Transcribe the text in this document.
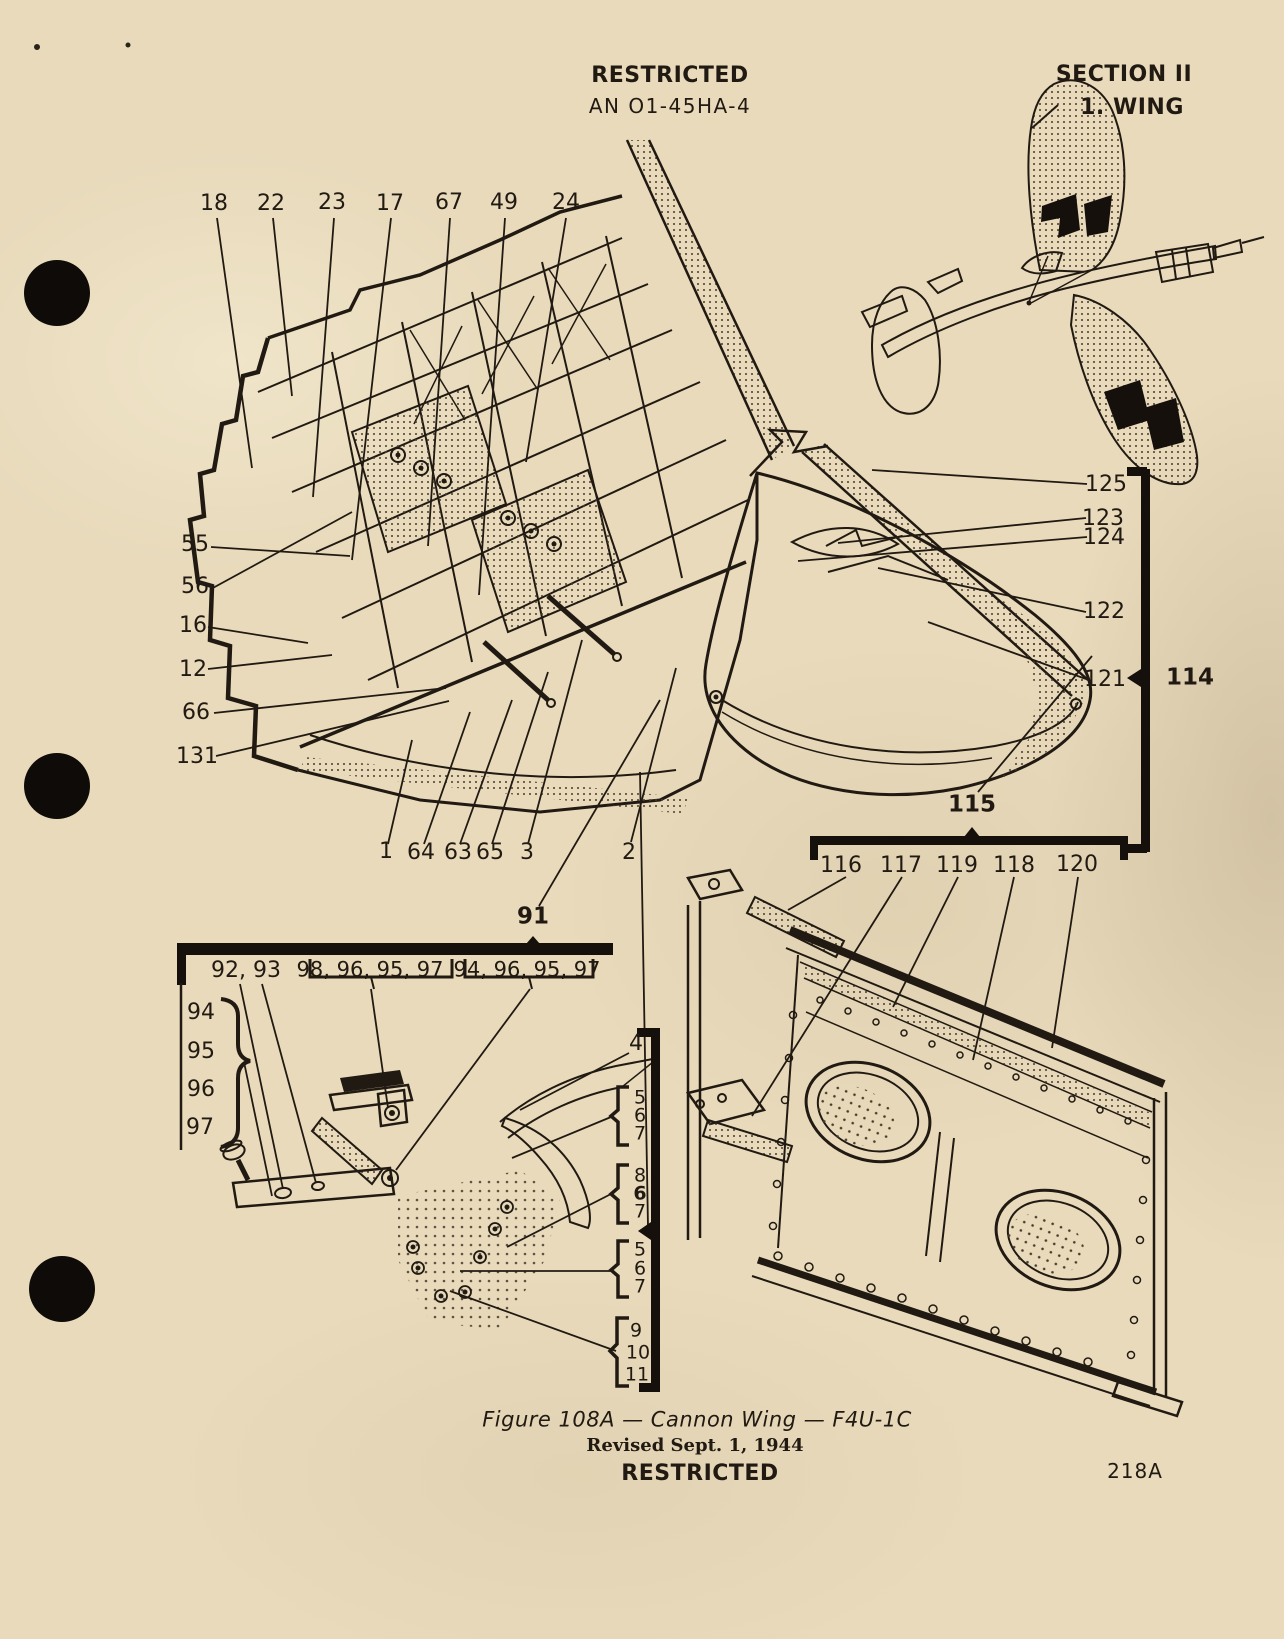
RESTRICTED
AN O1-45HA-4
SECTION II
1. WING
18 22 23 17 67 49 24
55
56
16
12
66
131
1 64 63 65 3	2
125
123
124
122
121 114
115
116 117 119 118 120
91
92, 93 98, 96, 95, 97 94, 96, 95, 97
94
95
96
97
4
5
6
7
8
6
7
5
6
7
9
10
11
Figure 108A — Cannon Wing — F4U-1C
Revised Sept. 1, 1944
RESTRICTED	218A
